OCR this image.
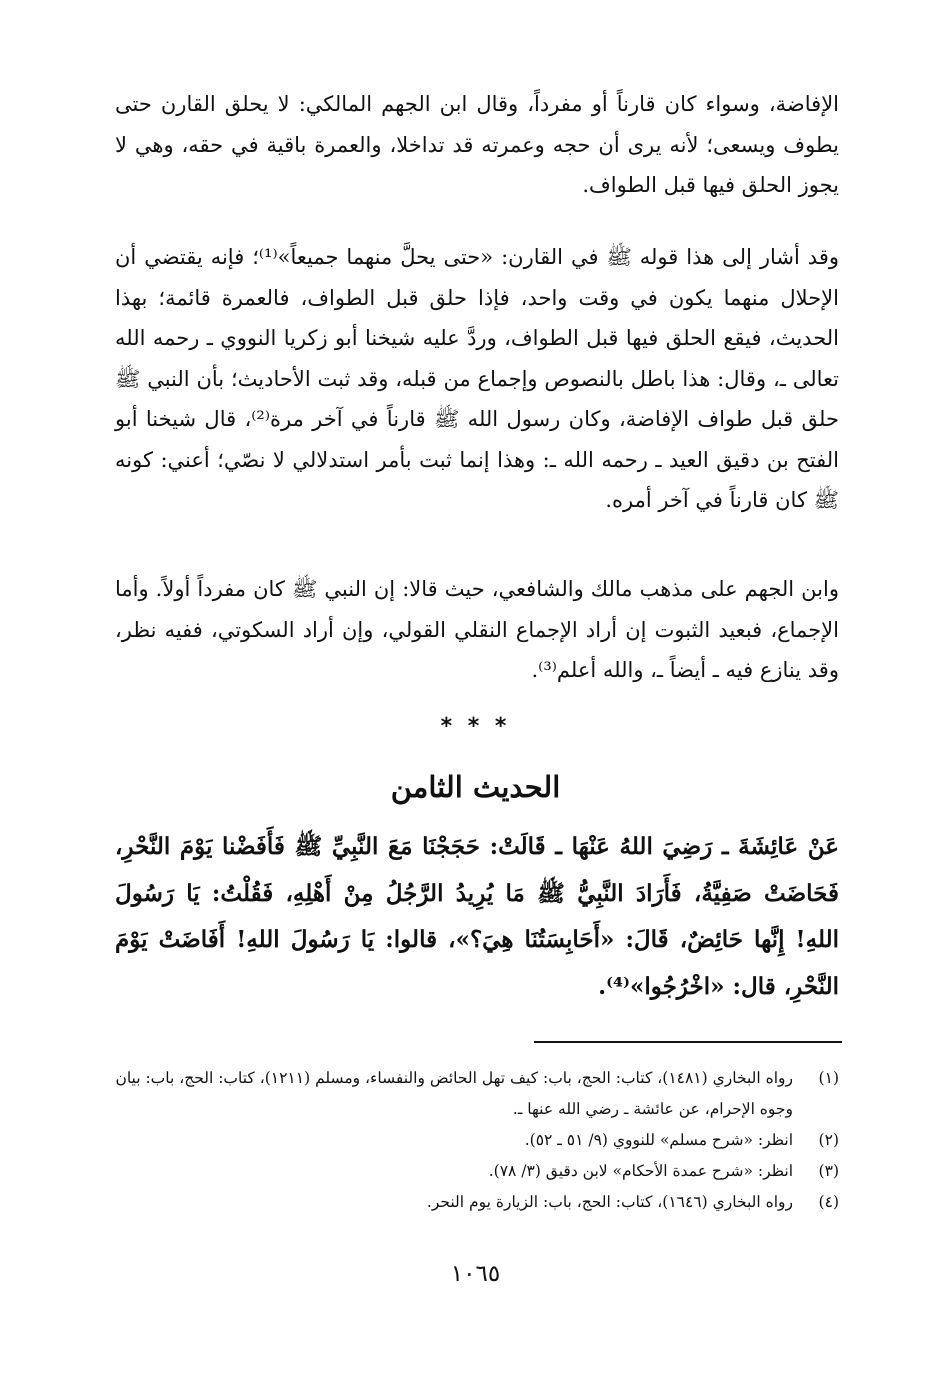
الإفاضة، وسواء كان قارناً أو مفرداً، وقال ابن الجهم المالكي: لا يحلق القارن حتى يطوف ويسعى؛ لأنه يرى أن حجه وعمرته قد تداخلا، والعمرة باقية في حقه، وهي لا يجوز الحلق فيها قبل الطواف.

وقد أشار إلى هذا قوله ﷺ في القارن: «حتى يحلَّ منهما جميعاً»⁽¹⁾؛ فإنه يقتضي أن الإحلال منهما يكون في وقت واحد، فإذا حلق قبل الطواف، فالعمرة قائمة؛ بهذا الحديث، فيقع الحلق فيها قبل الطواف، وردَّ عليه شيخنا أبو زكريا النووي ـ رحمه الله تعالى ـ، وقال: هذا باطل بالنصوص وإجماع من قبله، وقد ثبت الأحاديث؛ بأن النبي ﷺ حلق قبل طواف الإفاضة، وكان رسول الله ﷺ قارناً في آخر مرة⁽²⁾، قال شيخنا أبو الفتح بن دقيق العيد ـ رحمه الله ـ: وهذا إنما ثبت بأمر استدلالي لا نصّي؛ أعني: كونه ﷺ كان قارناً في آخر أمره.

وابن الجهم على مذهب مالك والشافعي، حيث قالا: إن النبي ﷺ كان مفرداً أولاً. وأما الإجماع، فبعيد الثبوت إن أراد الإجماع النقلي القولي، وإن أراد السكوتي، ففيه نظر، وقد ينازع فيه ـ أيضاً ـ، والله أعلم⁽³⁾.

* * *
الحديث الثامن

عَنْ عَائِشَةَ ـ رَضِيَ اللهُ عَنْهَا ـ قَالَتْ: حَجَجْنَا مَعَ النَّبِيِّ ﷺ فَأَفَضْنا يَوْمَ النَّحْرِ، فَحَاضَتْ صَفِيَّةُ، فَأَرَادَ النَّبِيُّ ﷺ مَا يُرِيدُ الرَّجُلُ مِنْ أَهْلِهِ، فَقُلْتُ: يَا رَسُولَ اللهِ! إِنَّها حَائِضٌ، قَالَ: «أَحَابِسَتُنَا هِيَ؟»، قالوا: يَا رَسُولَ اللهِ! أَفَاضَتْ يَوْمَ النَّحْرِ، قال: «اخْرُجُوا»⁽⁴⁾.

(١)
رواه البخاري (١٤٨١)، كتاب: الحج، باب: كيف تهل الحائض والنفساء، ومسلم (١٢١١)، كتاب: الحج، باب: بيان وجوه الإحرام، عن عائشة ـ رضي الله عنها ـ.
(٢)
انظر: «شرح مسلم» للنووي (٩/ ٥١ ـ ٥٢).
(٣)
انظر: «شرح عمدة الأحكام» لابن دقيق (٣/ ٧٨).
(٤)
رواه البخاري (١٦٤٦)، كتاب: الحج، باب: الزيارة يوم النحر.
١٠٦٥
